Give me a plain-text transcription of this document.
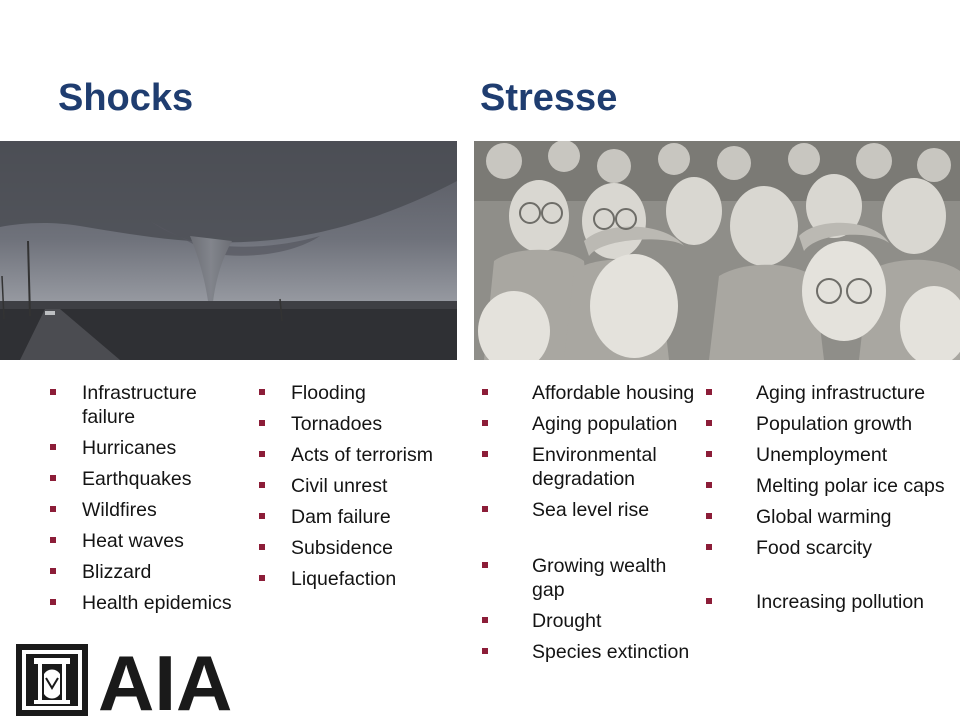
Shocks	Stresse
Infrastructure failure
Hurricanes
Earthquakes
Wildfires
Heat waves
Blizzard
Health epidemics
Flooding
Tornadoes
Acts of terrorism
Civil unrest
Dam failure
Subsidence
Liquefaction
Affordable housing
Aging population
Environmental degradation
Sea level rise
Growing wealth gap
Drought
Species extinction
Aging infrastructure
Population growth
Unemployment
Melting polar ice caps
Global warming
Food scarcity
Increasing pollution
AIA
